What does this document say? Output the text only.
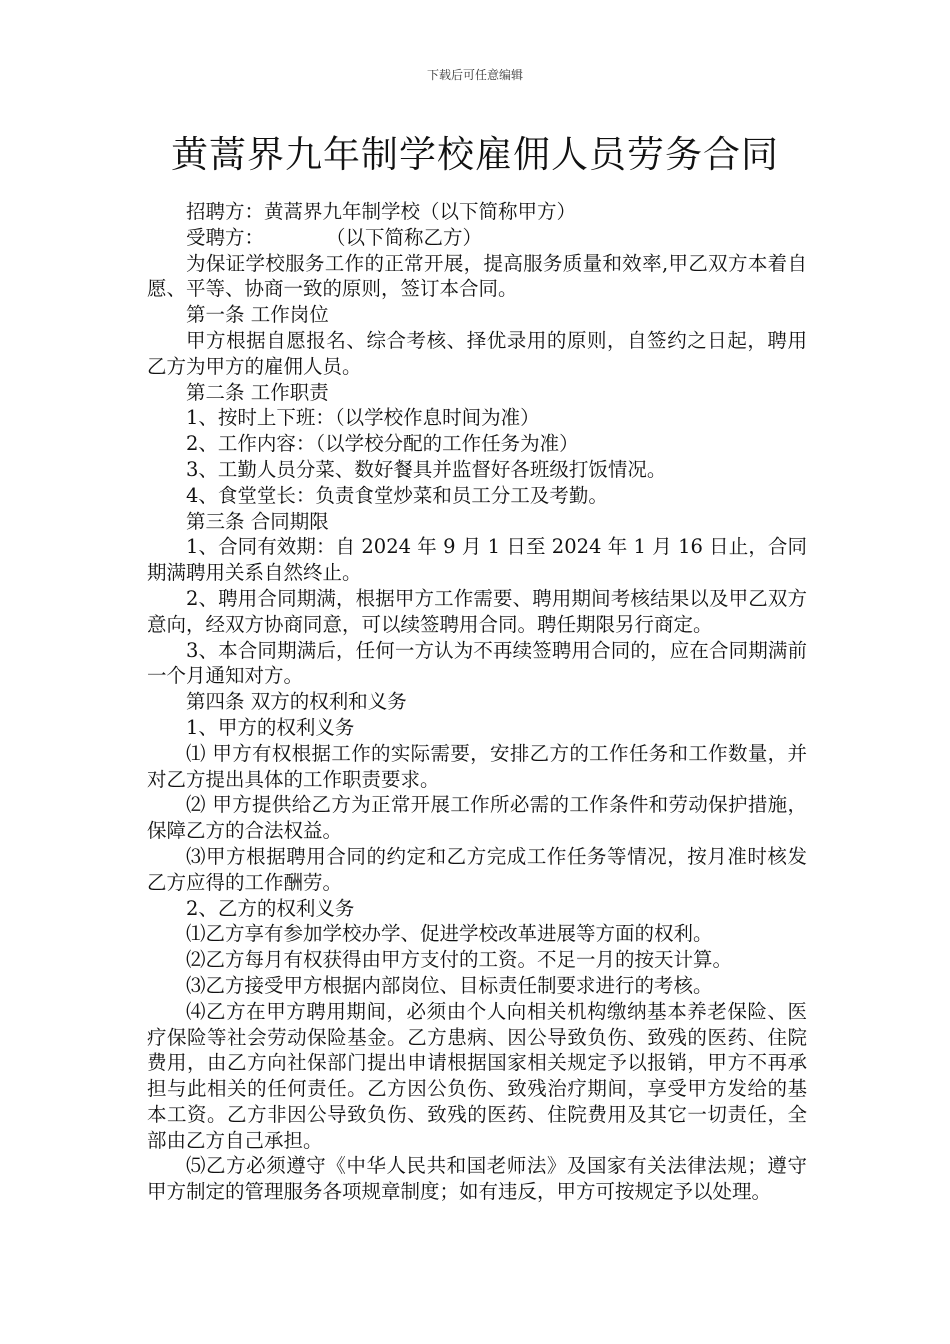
下载后可任意编辑
黄蒿界九年制学校雇佣人员劳务合同

招聘方：黄蒿界九年制学校（以下简称甲方）

受聘方：	（以下简称乙方）

为保证学校服务工作的正常开展，提高服务质量和效率,甲乙双方本着自愿、平等、协商一致的原则，签订本合同。

第一条 工作岗位

甲方根据自愿报名、综合考核、择优录用的原则，自签约之日起，聘用乙方为甲方的雇佣人员。

第二条 工作职责

1、按时上下班：（以学校作息时间为准）

2、工作内容：（以学校分配的工作任务为准）

3、工勤人员分菜、数好餐具并监督好各班级打饭情况。

4、食堂堂长：负责食堂炒菜和员工分工及考勤。

第三条 合同期限

1、合同有效期：自 2024 年 9 月 1 日至 2024 年 1 月 16 日止，合同期满聘用关系自然终止。

2、聘用合同期满，根据甲方工作需要、聘用期间考核结果以及甲乙双方意向，经双方协商同意，可以续签聘用合同。聘任期限另行商定。

3、本合同期满后，任何一方认为不再续签聘用合同的，应在合同期满前一个月通知对方。

第四条 双方的权利和义务

1、甲方的权利义务

⑴ 甲方有权根据工作的实际需要，安排乙方的工作任务和工作数量，并对乙方提出具体的工作职责要求。

⑵ 甲方提供给乙方为正常开展工作所必需的工作条件和劳动保护措施，保障乙方的合法权益。

⑶甲方根据聘用合同的约定和乙方完成工作任务等情况，按月准时核发乙方应得的工作酬劳。

2、乙方的权利义务

⑴乙方享有参加学校办学、促进学校改革进展等方面的权利。

⑵乙方每月有权获得由甲方支付的工资。不足一月的按天计算。

⑶乙方接受甲方根据内部岗位、目标责任制要求进行的考核。

⑷乙方在甲方聘用期间，必须由个人向相关机构缴纳基本养老保险、医疗保险等社会劳动保险基金。乙方患病、因公导致负伤、致残的医药、住院费用，由乙方向社保部门提出申请根据国家相关规定予以报销，甲方不再承担与此相关的任何责任。乙方因公负伤、致残治疗期间，享受甲方发给的基本工资。乙方非因公导致负伤、致残的医药、住院费用及其它一切责任，全部由乙方自己承担。

⑸乙方必须遵守《中华人民共和国老师法》及国家有关法律法规；遵守甲方制定的管理服务各项规章制度；如有违反，甲方可按规定予以处理。
